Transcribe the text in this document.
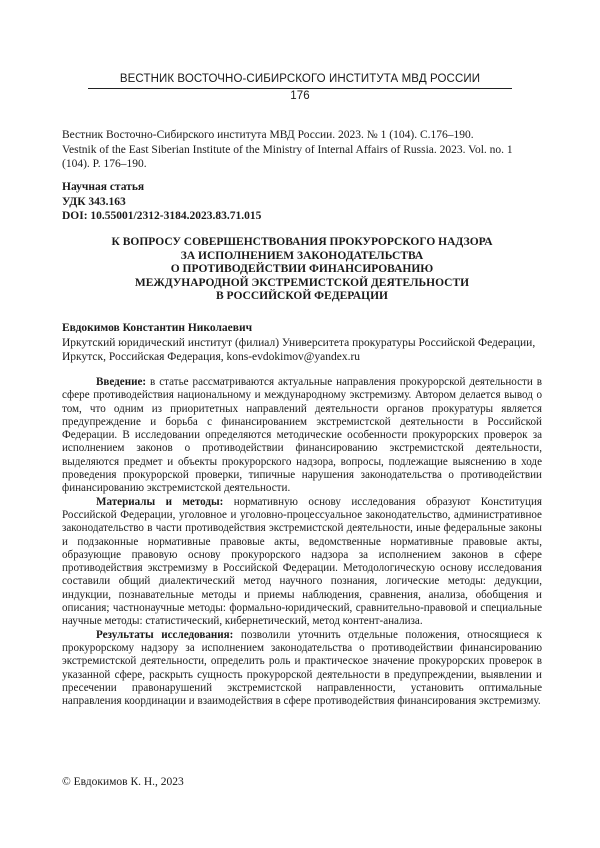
ВЕСТНИК ВОСТОЧНО-СИБИРСКОГО ИНСТИТУТА МВД РОССИИ
176
Вестник Восточно-Сибирского института МВД России. 2023. № 1 (104). С.176–190.
Vestnik of the East Siberian Institute of the Ministry of Internal Affairs of Russia. 2023. Vol. no. 1 (104). P. 176–190.
Научная статья
УДК 343.163
DOI: 10.55001/2312-3184.2023.83.71.015
К ВОПРОСУ СОВЕРШЕНСТВОВАНИЯ ПРОКУРОРСКОГО НАДЗОРА
ЗА ИСПОЛНЕНИЕМ ЗАКОНОДАТЕЛЬСТВА
О ПРОТИВОДЕЙСТВИИ ФИНАНСИРОВАНИЮ
МЕЖДУНАРОДНОЙ ЭКСТРЕМИСТСКОЙ ДЕЯТЕЛЬНОСТИ
В РОССИЙСКОЙ ФЕДЕРАЦИИ
Евдокимов Константин Николаевич
Иркутский юридический институт (филиал) Университета прокуратуры Российской Федерации, Иркутск, Российская Федерация, kons-evdokimov@yandex.ru

Введение: в статье рассматриваются актуальные направления прокурорской деятельности в сфере противодействия национальному и международному экстремизму. Автором делается вывод о том, что одним из приоритетных направлений деятельности органов прокуратуры является предупреждение и борьба с финансированием экстремистской деятельности в Российской Федерации. В исследовании определяются методические особенности прокурорских проверок за исполнением законов о противодействии финансированию экстремистской деятельности, выделяются предмет и объекты прокурорского надзора, вопросы, подлежащие выяснению в ходе проведения прокурорской проверки, типичные нарушения законодательства о противодействии финансированию экстремистской деятельности.

Материалы и методы: нормативную основу исследования образуют Конституция Российской Федерации, уголовное и уголовно-процессуальное законодательство, административное законодательство в части противодействия экстремистской деятельности, иные федеральные законы и подзаконные нормативные правовые акты, ведомственные нормативные правовые акты, образующие правовую основу прокурорского надзора за исполнением законов в сфере противодействия экстремизму в Российской Федерации. Методологическую основу исследования составили общий диалектический метод научного познания, логические методы: дедукции, индукции, познавательные методы и приемы наблюдения, сравнения, анализа, обобщения и описания; частнонаучные методы: формально-юридический, сравнительно-правовой и специальные научные методы: статистический, кибернетический, метод контент-анализа.

Результаты исследования: позволили уточнить отдельные положения, относящиеся к прокурорскому надзору за исполнением законодательства о противодействии финансированию экстремистской деятельности, определить роль и практическое значение прокурорских проверок в указанной сфере, раскрыть сущность прокурорской деятельности в предупреждении, выявлении и пресечении правонарушений экстремистской направленности, установить оптимальные направления координации и взаимодействия в сфере противодействия финансирования экстремизму.

© Евдокимов К. Н., 2023
